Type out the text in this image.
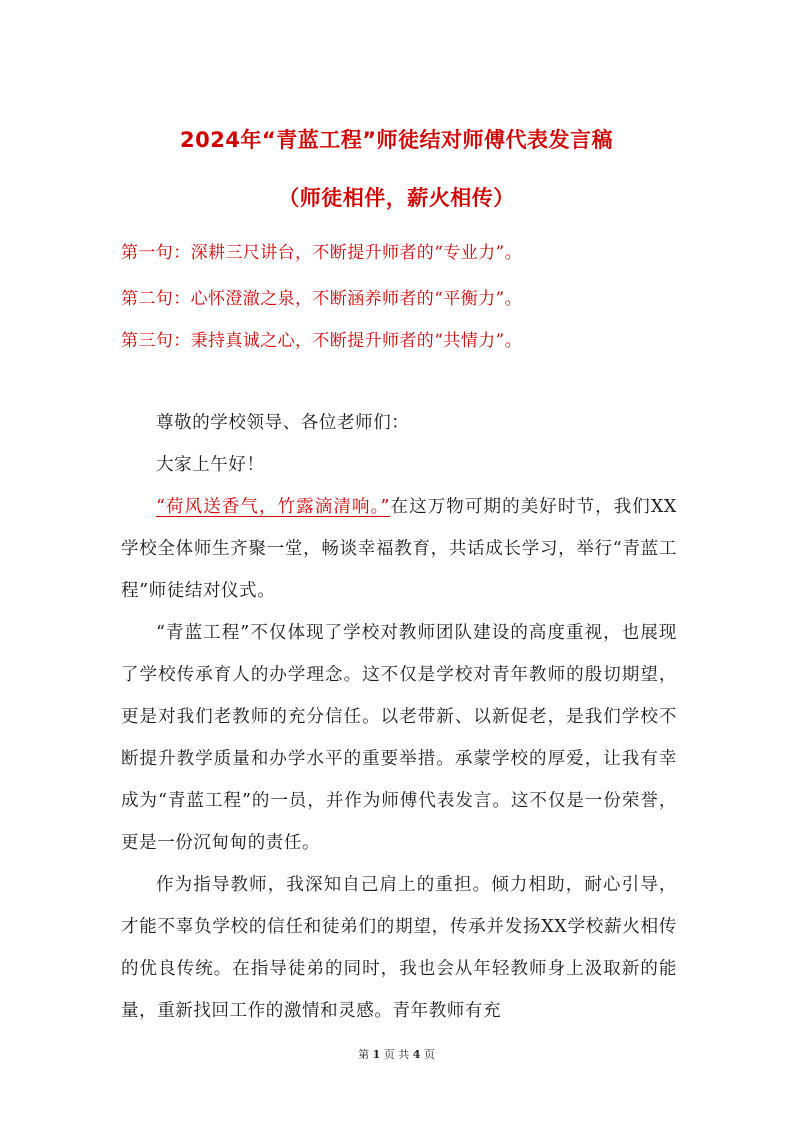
2024年“青蓝工程”师徒结对师傅代表发言稿
（师徒相伴，薪火相传）
第一句：深耕三尺讲台，不断提升师者的“专业力”。
第二句：心怀澄澈之泉，不断涵养师者的“平衡力”。
第三句：秉持真诚之心，不断提升师者的“共情力”。

尊敬的学校领导、各位老师们：

大家上午好！

“荷风送香气，竹露滴清响。”在这万物可期的美好时节，我们XX学校全体师生齐聚一堂，畅谈幸福教育，共话成长学习，举行“青蓝工程”师徒结对仪式。

“青蓝工程”不仅体现了学校对教师团队建设的高度重视，也展现了学校传承育人的办学理念。这不仅是学校对青年教师的殷切期望，更是对我们老教师的充分信任。以老带新、以新促老，是我们学校不断提升教学质量和办学水平的重要举措。承蒙学校的厚爱，让我有幸成为“青蓝工程”的一员，并作为师傅代表发言。这不仅是一份荣誉，更是一份沉甸甸的责任。

作为指导教师，我深知自己肩上的重担。倾力相助，耐心引导，才能不辜负学校的信任和徒弟们的期望，传承并发扬XX学校薪火相传的优良传统。在指导徒弟的同时，我也会从年轻教师身上汲取新的能量，重新找回工作的激情和灵感。青年教师有充

第 1 页 共 4 页
